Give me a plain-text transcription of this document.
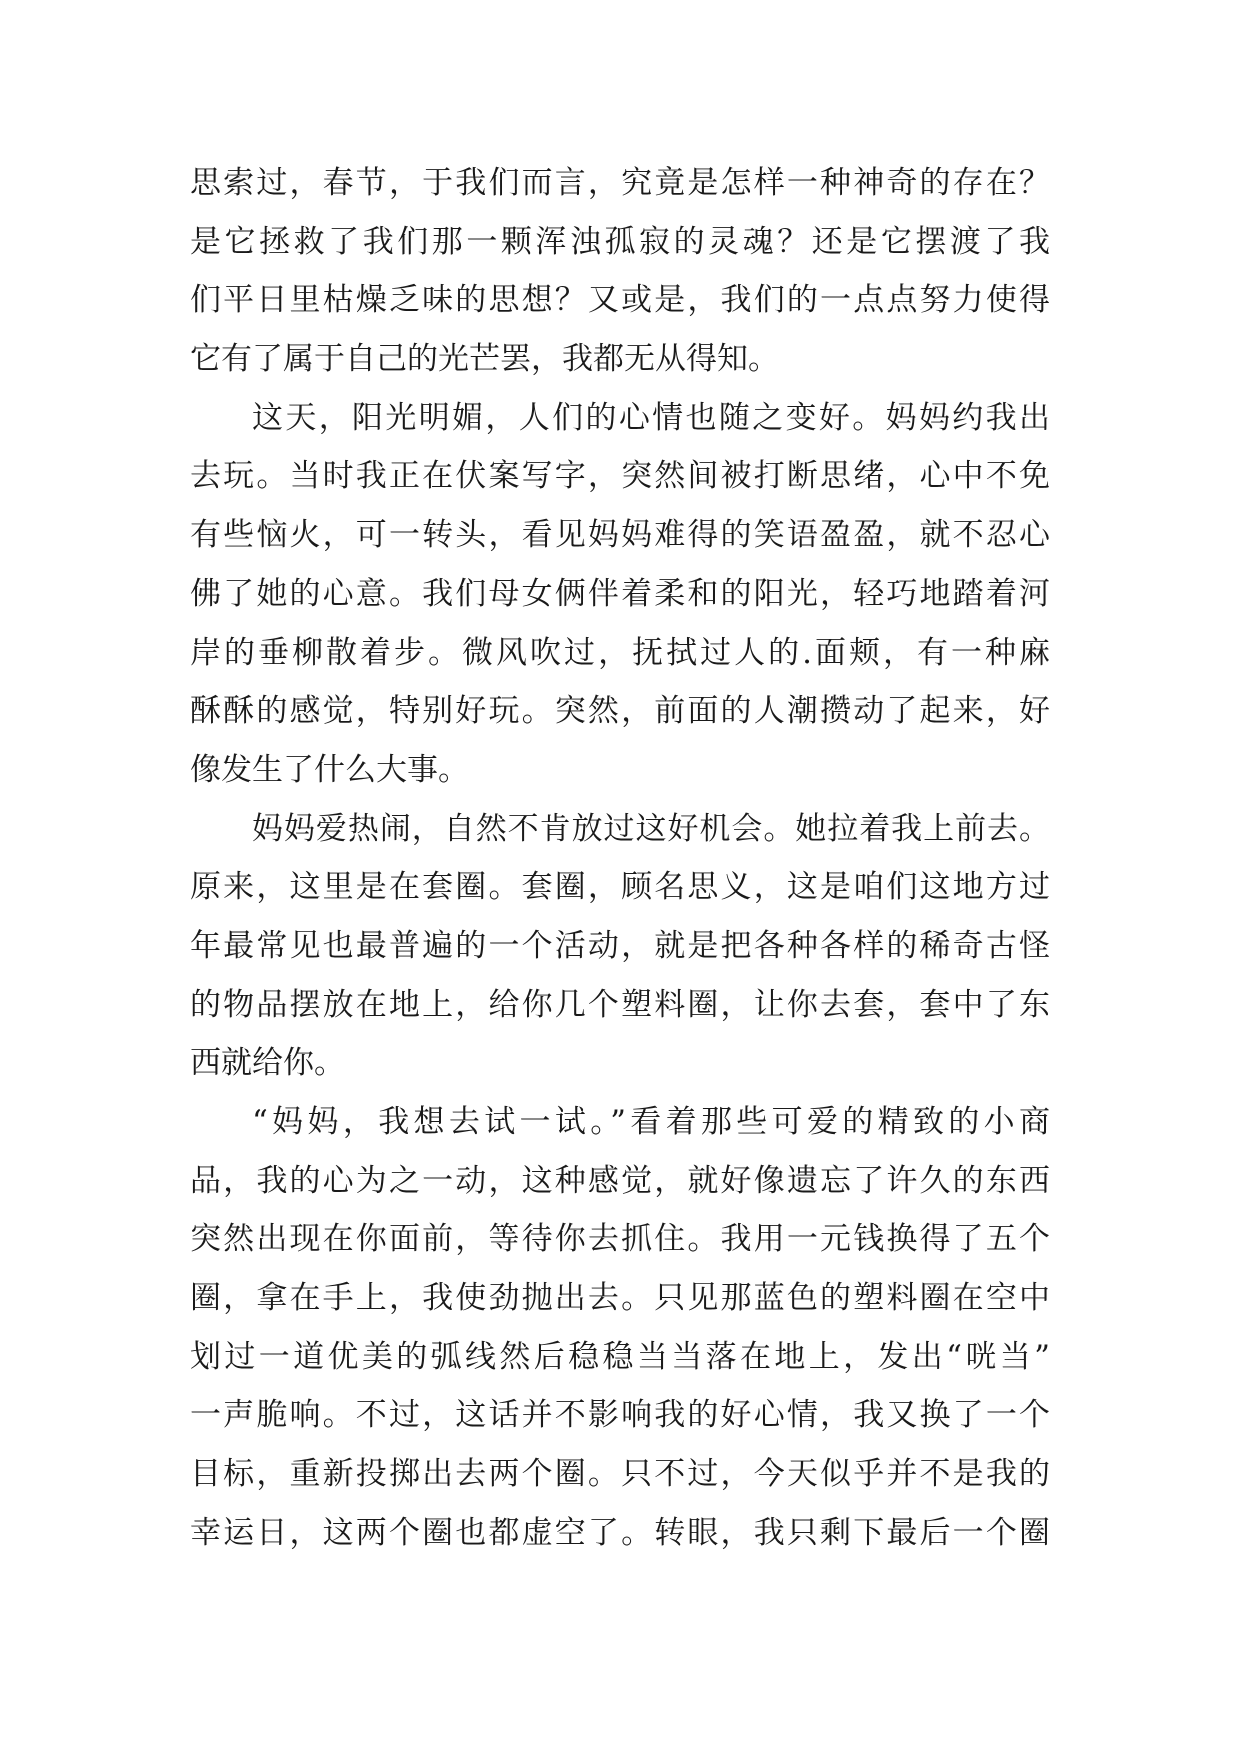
思索过，春节，于我们而言，究竟是怎样一种神奇的存在？
是它拯救了我们那一颗浑浊孤寂的灵魂？还是它摆渡了我
们平日里枯燥乏味的思想？又或是，我们的一点点努力使得
它有了属于自己的光芒罢，我都无从得知。
这天，阳光明媚，人们的心情也随之变好。妈妈约我出
去玩。当时我正在伏案写字，突然间被打断思绪，心中不免
有些恼火，可一转头，看见妈妈难得的笑语盈盈，就不忍心
佛了她的心意。我们母女俩伴着柔和的阳光，轻巧地踏着河
岸的垂柳散着步。微风吹过，抚拭过人的.面颊，有一种麻
酥酥的感觉，特别好玩。突然，前面的人潮攒动了起来，好
像发生了什么大事。
妈妈爱热闹，自然不肯放过这好机会。她拉着我上前去。
原来，这里是在套圈。套圈，顾名思义，这是咱们这地方过
年最常见也最普遍的一个活动，就是把各种各样的稀奇古怪
的物品摆放在地上，给你几个塑料圈，让你去套，套中了东
西就给你。
“妈妈，我想去试一试。”看着那些可爱的精致的小商
品，我的心为之一动，这种感觉，就好像遗忘了许久的东西
突然出现在你面前，等待你去抓住。我用一元钱换得了五个
圈，拿在手上，我使劲抛出去。只见那蓝色的塑料圈在空中
划过一道优美的弧线然后稳稳当当落在地上，发出“咣当”
一声脆响。不过，这话并不影响我的好心情，我又换了一个
目标，重新投掷出去两个圈。只不过，今天似乎并不是我的
幸运日，这两个圈也都虚空了。转眼，我只剩下最后一个圈
